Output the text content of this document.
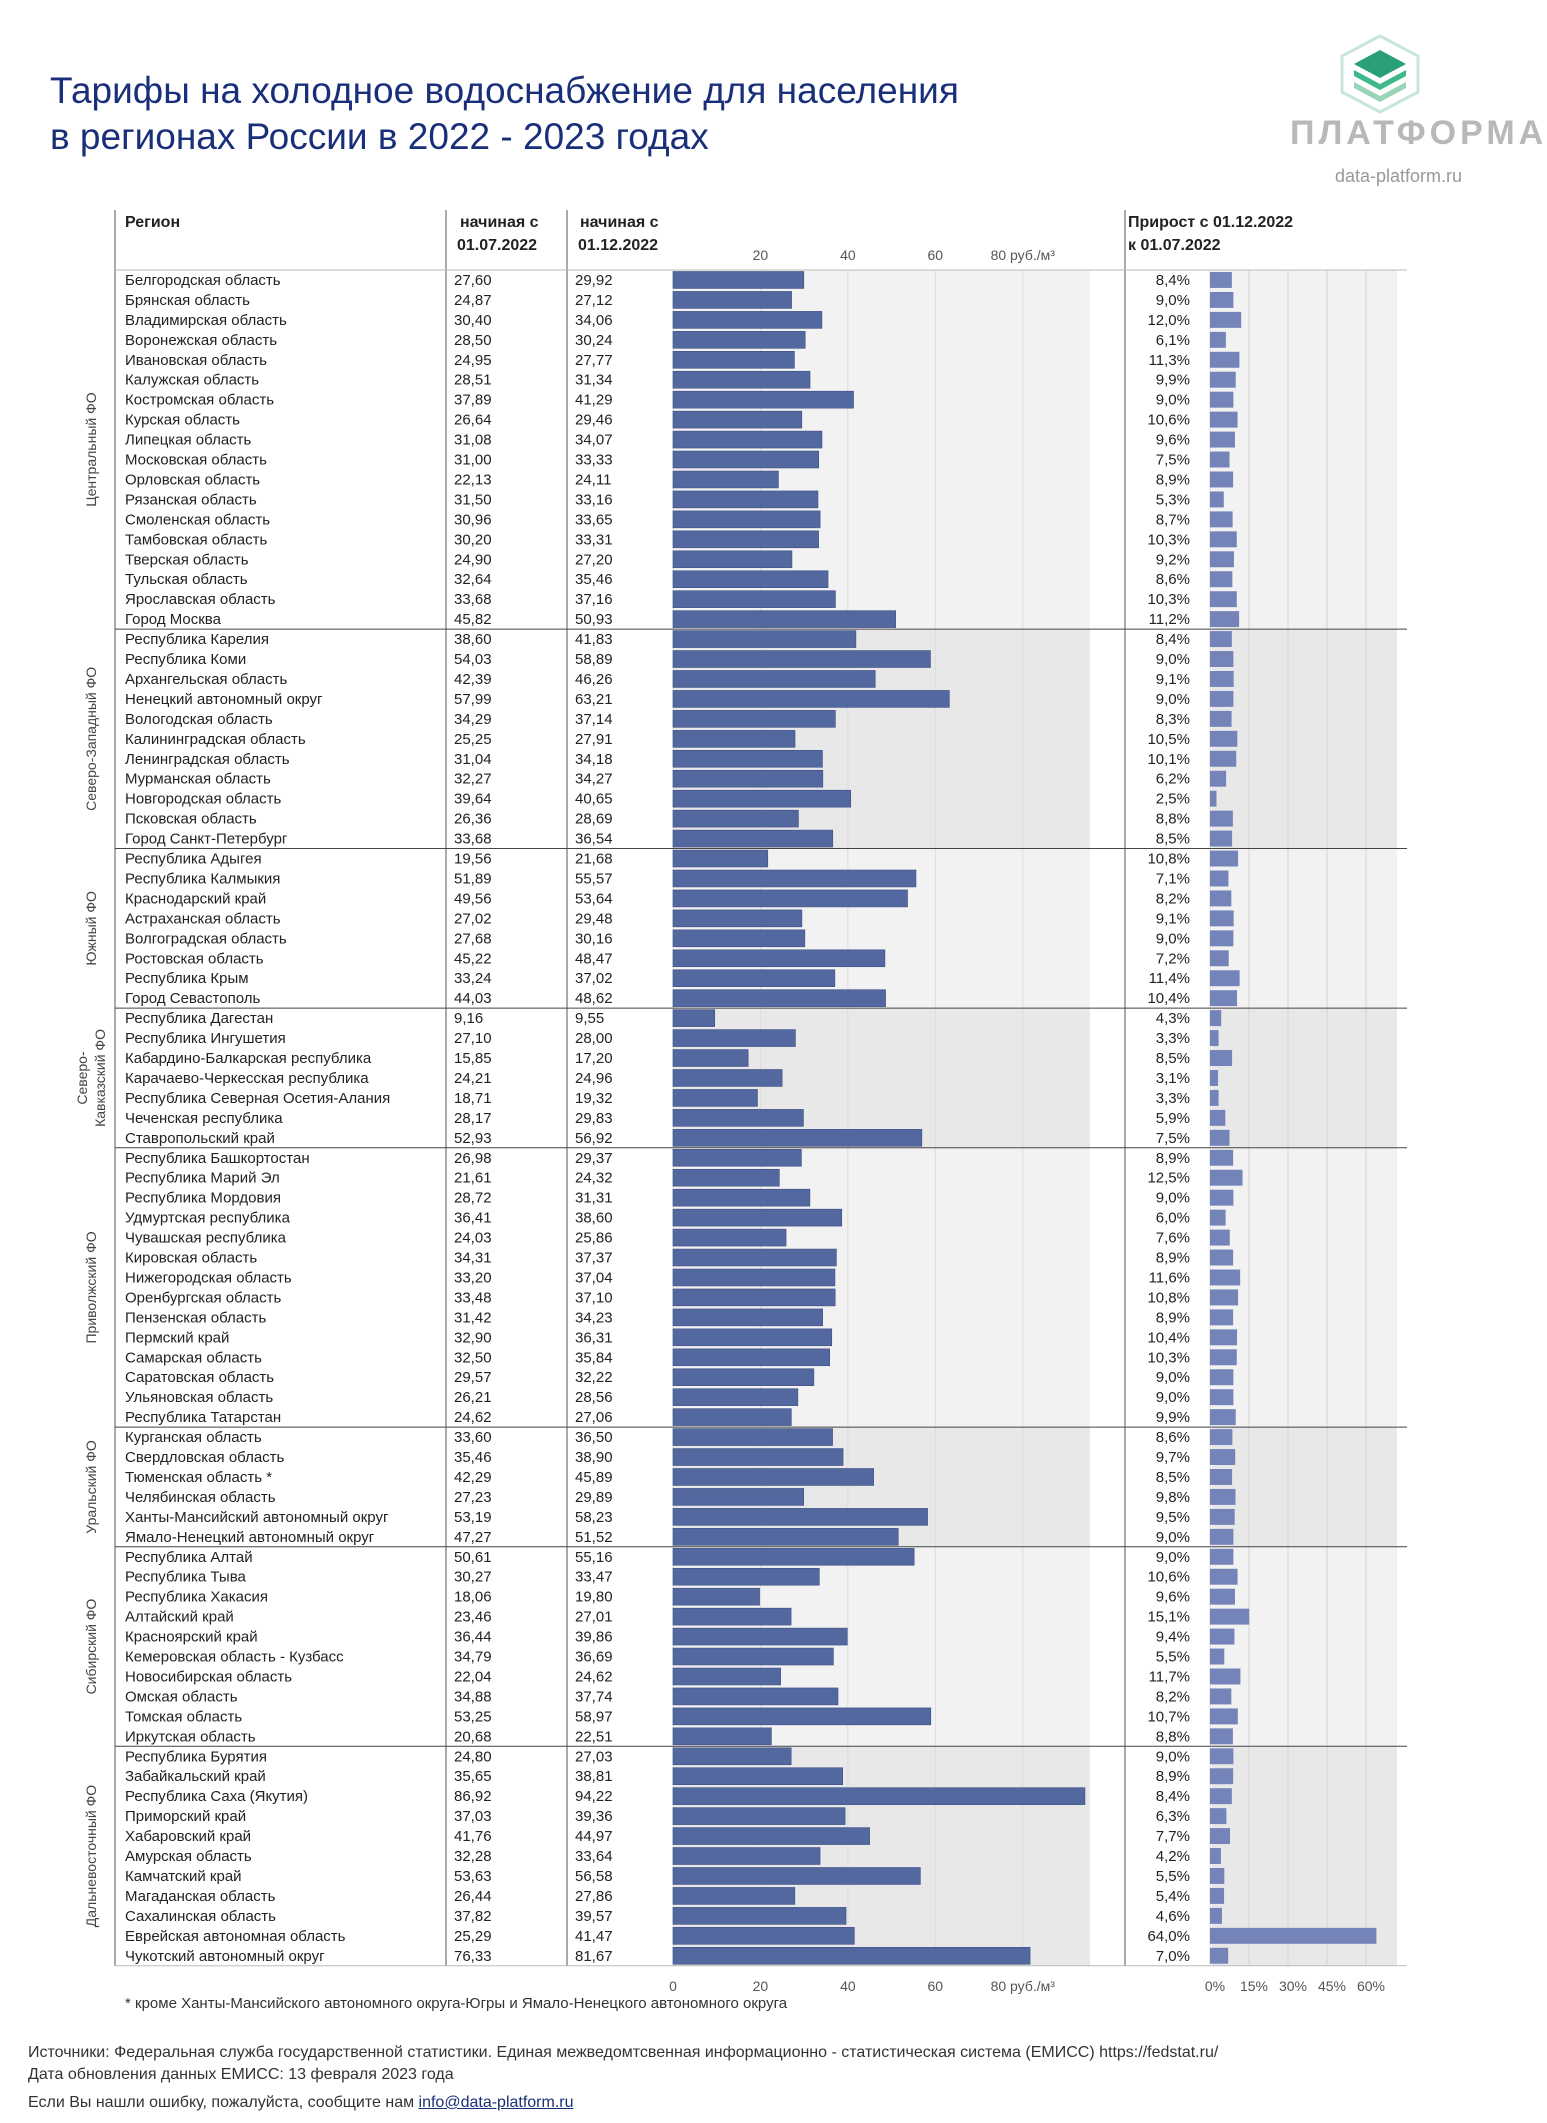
Тарифы на холодное водоснабжение для населения
в регионах России в 2022 - 2023 годах	ПЛАТФОРМА
data-platform.ru
Регион	начиная с
01.07.2022
начиная с
01.12.2022
Прирост с 01.12.2022
к 01.07.2022
20	40	60	80 руб./м³
Центральный ФО
Белгородская область	27,60	29,92	8,4%
Брянская область	24,87	27,12	9,0%
Владимирская область	30,40	34,06	12,0%
Воронежская область	28,50	30,24	6,1%
Ивановская область	24,95	27,77	11,3%
Калужская область	28,51	31,34	9,9%
Костромская область	37,89	41,29	9,0%
Курская область	26,64	29,46	10,6%
Липецкая область	31,08	34,07	9,6%
Московская область	31,00	33,33	7,5%
Орловская область	22,13	24,11	8,9%
Рязанская область	31,50	33,16	5,3%
Смоленская область	30,96	33,65	8,7%
Тамбовская область	30,20	33,31	10,3%
Тверская область	24,90	27,20	9,2%
Тульская область	32,64	35,46	8,6%
Ярославская область	33,68	37,16	10,3%
Город Москва	45,82	50,93	11,2%
Северо-Западный ФО
Республика Карелия	38,60	41,83	8,4%
Республика Коми	54,03	58,89	9,0%
Архангельская область	42,39	46,26	9,1%
Ненецкий автономный округ	57,99	63,21	9,0%
Вологодская область	34,29	37,14	8,3%
Калининградская область	25,25	27,91	10,5%
Ленинградская область	31,04	34,18	10,1%
Мурманская область	32,27	34,27	6,2%
Новгородская область	39,64	40,65	2,5%
Псковская область	26,36	28,69	8,8%
Город Санкт-Петербург	33,68	36,54	8,5%
Южный ФО
Республика Адыгея	19,56	21,68	10,8%
Республика Калмыкия	51,89	55,57	7,1%
Краснодарский край	49,56	53,64	8,2%
Астраханская область	27,02	29,48	9,1%
Волгоградская область	27,68	30,16	9,0%
Ростовская область	45,22	48,47	7,2%
Республика Крым	33,24	37,02	11,4%
Город Севастополь	44,03	48,62	10,4%
Северо- Кавказский ФО
Республика Дагестан	9,16	9,55	4,3%
Республика Ингушетия	27,10	28,00	3,3%
Кабардино-Балкарская республика	15,85	17,20	8,5%
Карачаево-Черкесская республика	24,21	24,96	3,1%
Республика Северная Осетия-Алания	18,71	19,32	3,3%
Чеченская республика	28,17	29,83	5,9%
Ставропольский край	52,93	56,92	7,5%
Приволжский ФО
Республика Башкортостан	26,98	29,37	8,9%
Республика Марий Эл	21,61	24,32	12,5%
Республика Мордовия	28,72	31,31	9,0%
Удмуртская республика	36,41	38,60	6,0%
Чувашская республика	24,03	25,86	7,6%
Кировская область	34,31	37,37	8,9%
Нижегородская область	33,20	37,04	11,6%
Оренбургская область	33,48	37,10	10,8%
Пензенская область	31,42	34,23	8,9%
Пермский край	32,90	36,31	10,4%
Самарская область	32,50	35,84	10,3%
Саратовская область	29,57	32,22	9,0%
Ульяновская область	26,21	28,56	9,0%
Республика Татарстан	24,62	27,06	9,9%
Уральский ФО
Курганская область	33,60	36,50	8,6%
Свердловская область	35,46	38,90	9,7%
Тюменская область *	42,29	45,89	8,5%
Челябинская область	27,23	29,89	9,8%
Ханты-Мансийский автономный округ	53,19	58,23	9,5%
Ямало-Ненецкий автономный округ	47,27	51,52	9,0%
Сибирский ФО
Республика Алтай	50,61	55,16	9,0%
Республика Тыва	30,27	33,47	10,6%
Республика Хакасия	18,06	19,80	9,6%
Алтайский край	23,46	27,01	15,1%
Красноярский край	36,44	39,86	9,4%
Кемеровская область - Кузбасс	34,79	36,69	5,5%
Новосибирская область	22,04	24,62	11,7%
Омская область	34,88	37,74	8,2%
Томская область	53,25	58,97	10,7%
Иркутская область	20,68	22,51	8,8%
Дальневосточный ФО
Республика Бурятия	24,80	27,03	9,0%
Забайкальский край	35,65	38,81	8,9%
Республика Саха (Якутия)	86,92	94,22	8,4%
Приморский край	37,03	39,36	6,3%
Хабаровский край	41,76	44,97	7,7%
Амурская область	32,28	33,64	4,2%
Камчатский край	53,63	56,58	5,5%
Магаданская область	26,44	27,86	5,4%
Сахалинская область	37,82	39,57	4,6%
Еврейская автономная область	25,29	41,47	64,0%
Чукотский автономный округ	76,33	81,67	7,0%
0	20	40	60	80 руб./м³	0% 15% 30% 45% 60%
* кроме Ханты-Мансийского автономного округа-Югры и Ямало-Ненецкого автономного округа
Источники: Федеральная служба государственной статистики. Единая межведомтсвенная информационно - статистическая система (ЕМИСС) https://fedstat.ru/
Дата обновления данных ЕМИСС: 13 февраля 2023 года
Если Вы нашли ошибку, пожалуйста, сообщите нам info@data-platform.ru
